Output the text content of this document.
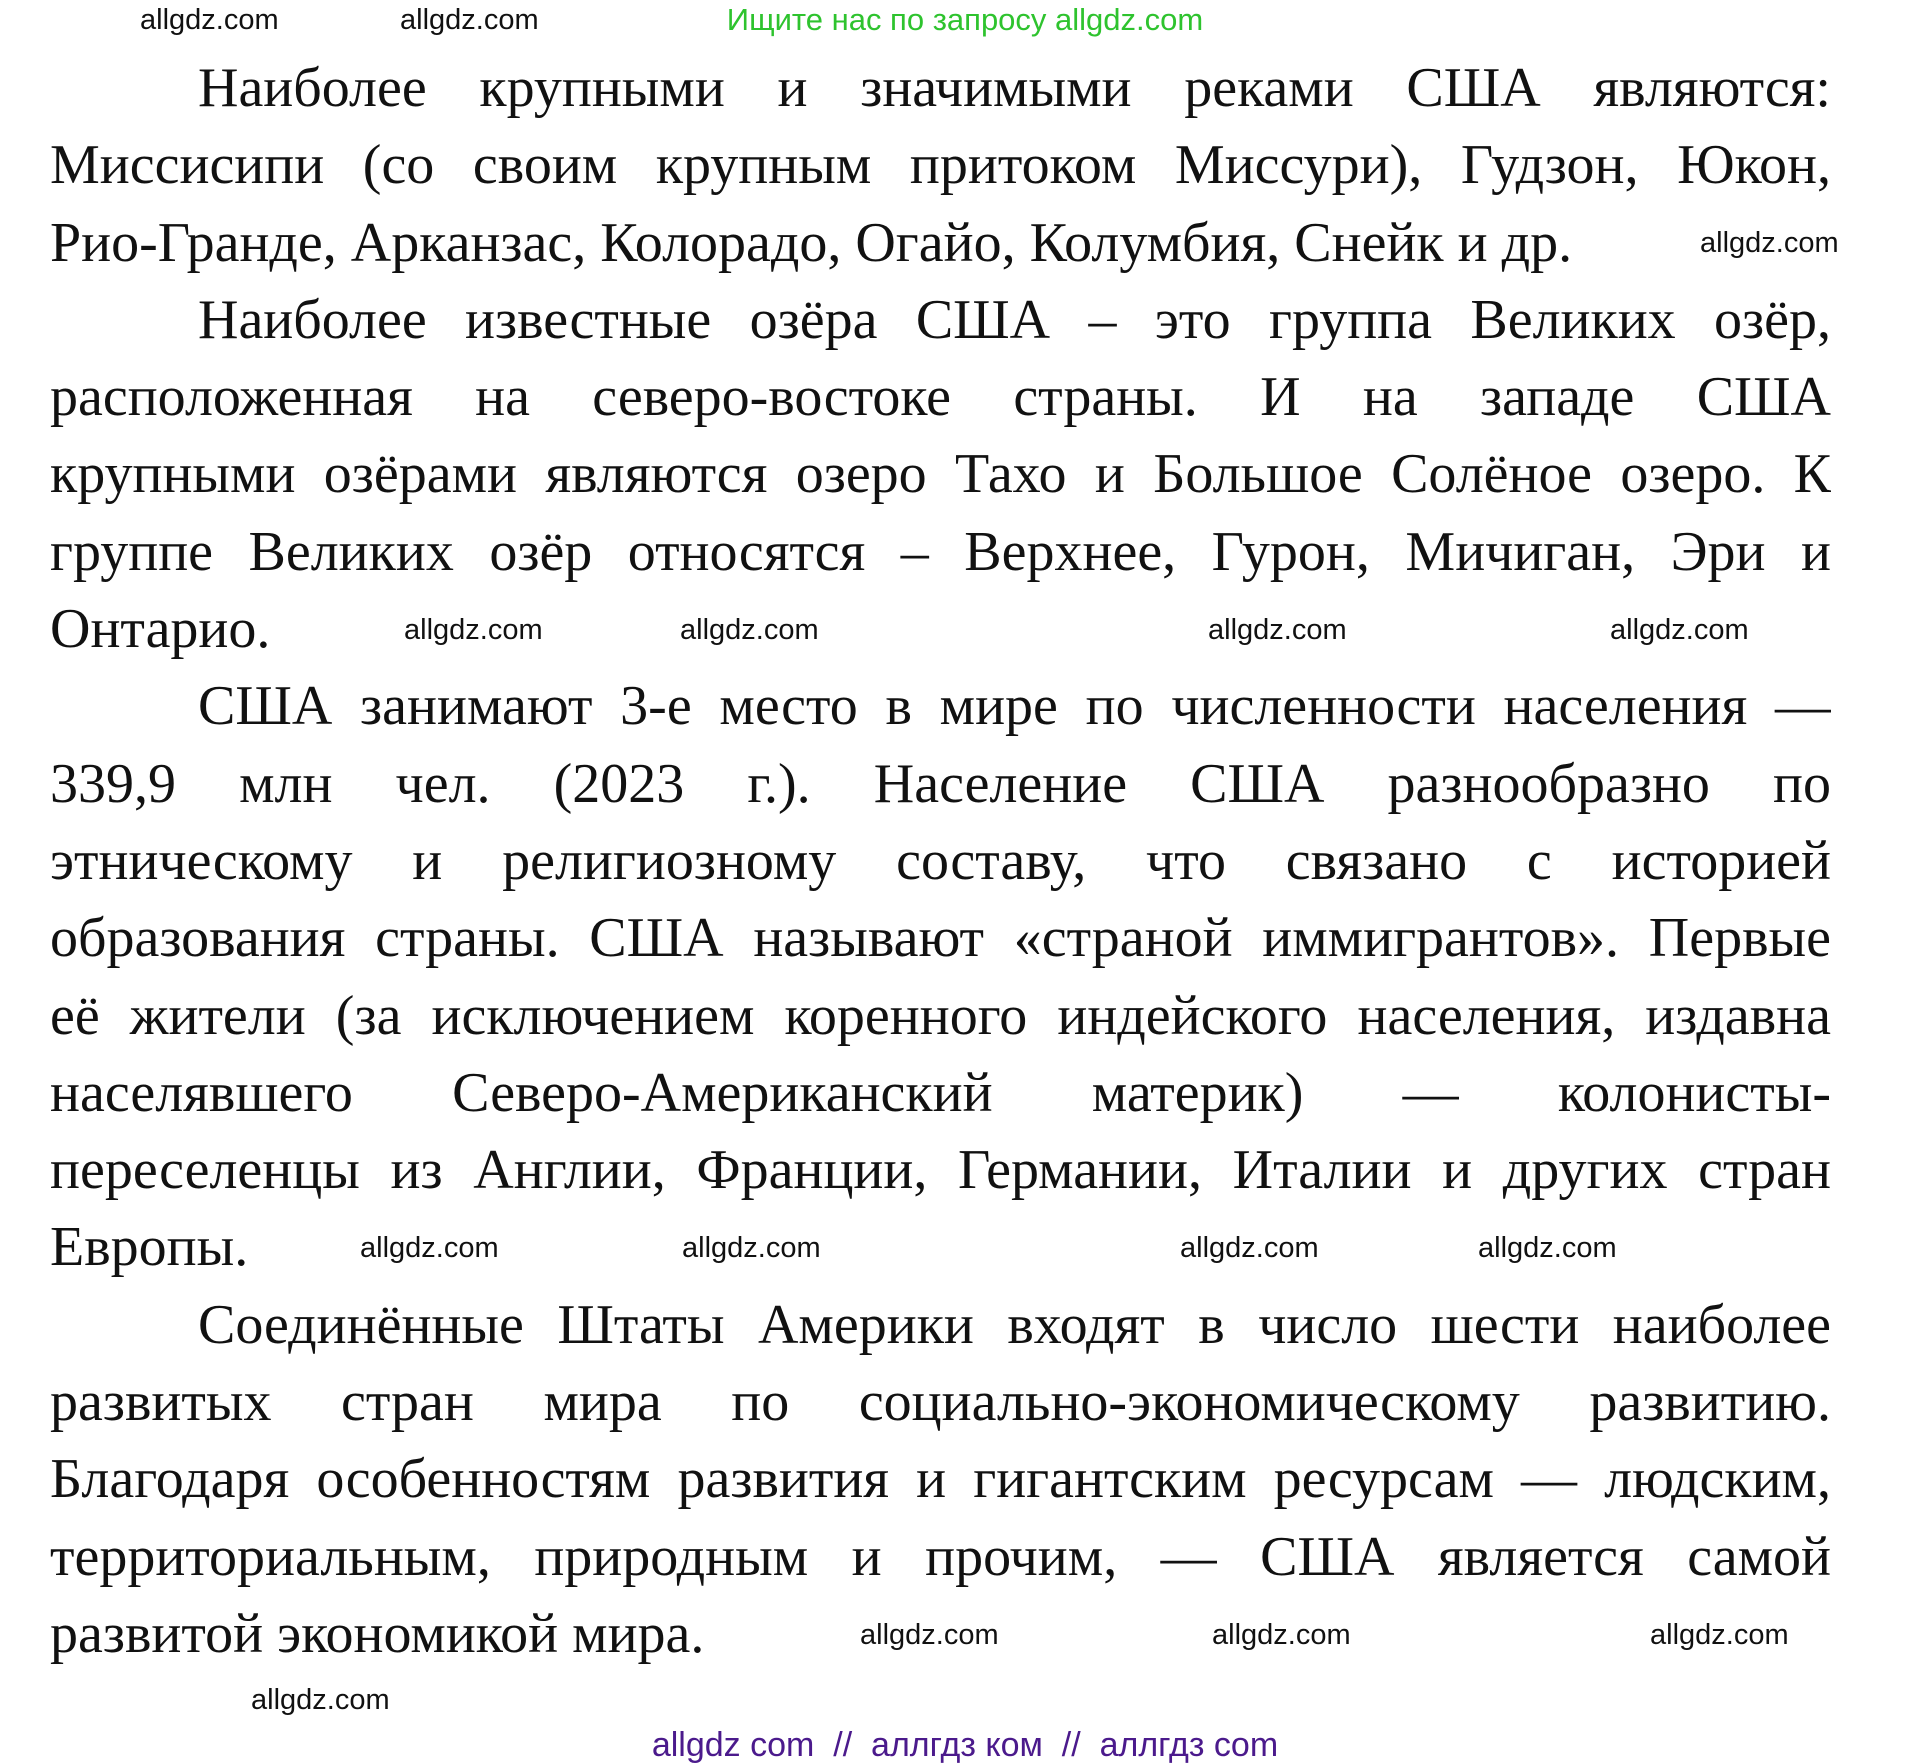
Ищите нас по запросу allgdz.com
Наиболее крупными и значимыми реками США являются:
Миссисипи (со своим крупным притоком Миссури), Гудзон, Юкон,
Рио-Гранде, Арканзас, Колорадо, Огайо, Колумбия, Снейк и др.
Наиболее известные озёра США – это группа Великих озёр,
расположенная на северо-востоке страны. И на западе США
крупными озёрами являются озеро Тахо и Большое Солёное озеро. К
группе Великих озёр относятся – Верхнее, Гурон, Мичиган, Эри и
Онтарио.
США занимают 3-е место в мире по численности населения —
339,9 млн чел. (2023 г.). Население США разнообразно по
этническому и религиозному составу, что связано с историей
образования страны. США называют «страной иммигрантов». Первые
её жители (за исключением коренного индейского населения, издавна
населявшего Северо-Американский материк) — колонисты-
переселенцы из Англии, Франции, Германии, Италии и других стран
Европы.
Соединённые Штаты Америки входят в число шести наиболее
развитых стран мира по социально-экономическому развитию.
Благодаря особенностям развития и гигантским ресурсам — людским,
территориальным, природным и прочим, — США является самой
развитой экономикой мира.
allgdz.com	allgdz.com
allgdz.com
allgdz.com	allgdz.com	allgdz.com	allgdz.com
allgdz.com	allgdz.com	allgdz.com	allgdz.com
allgdz.com	allgdz.com	allgdz.com
allgdz.com
allgdz com  //  аллгдз ком  //  аллгдз com
